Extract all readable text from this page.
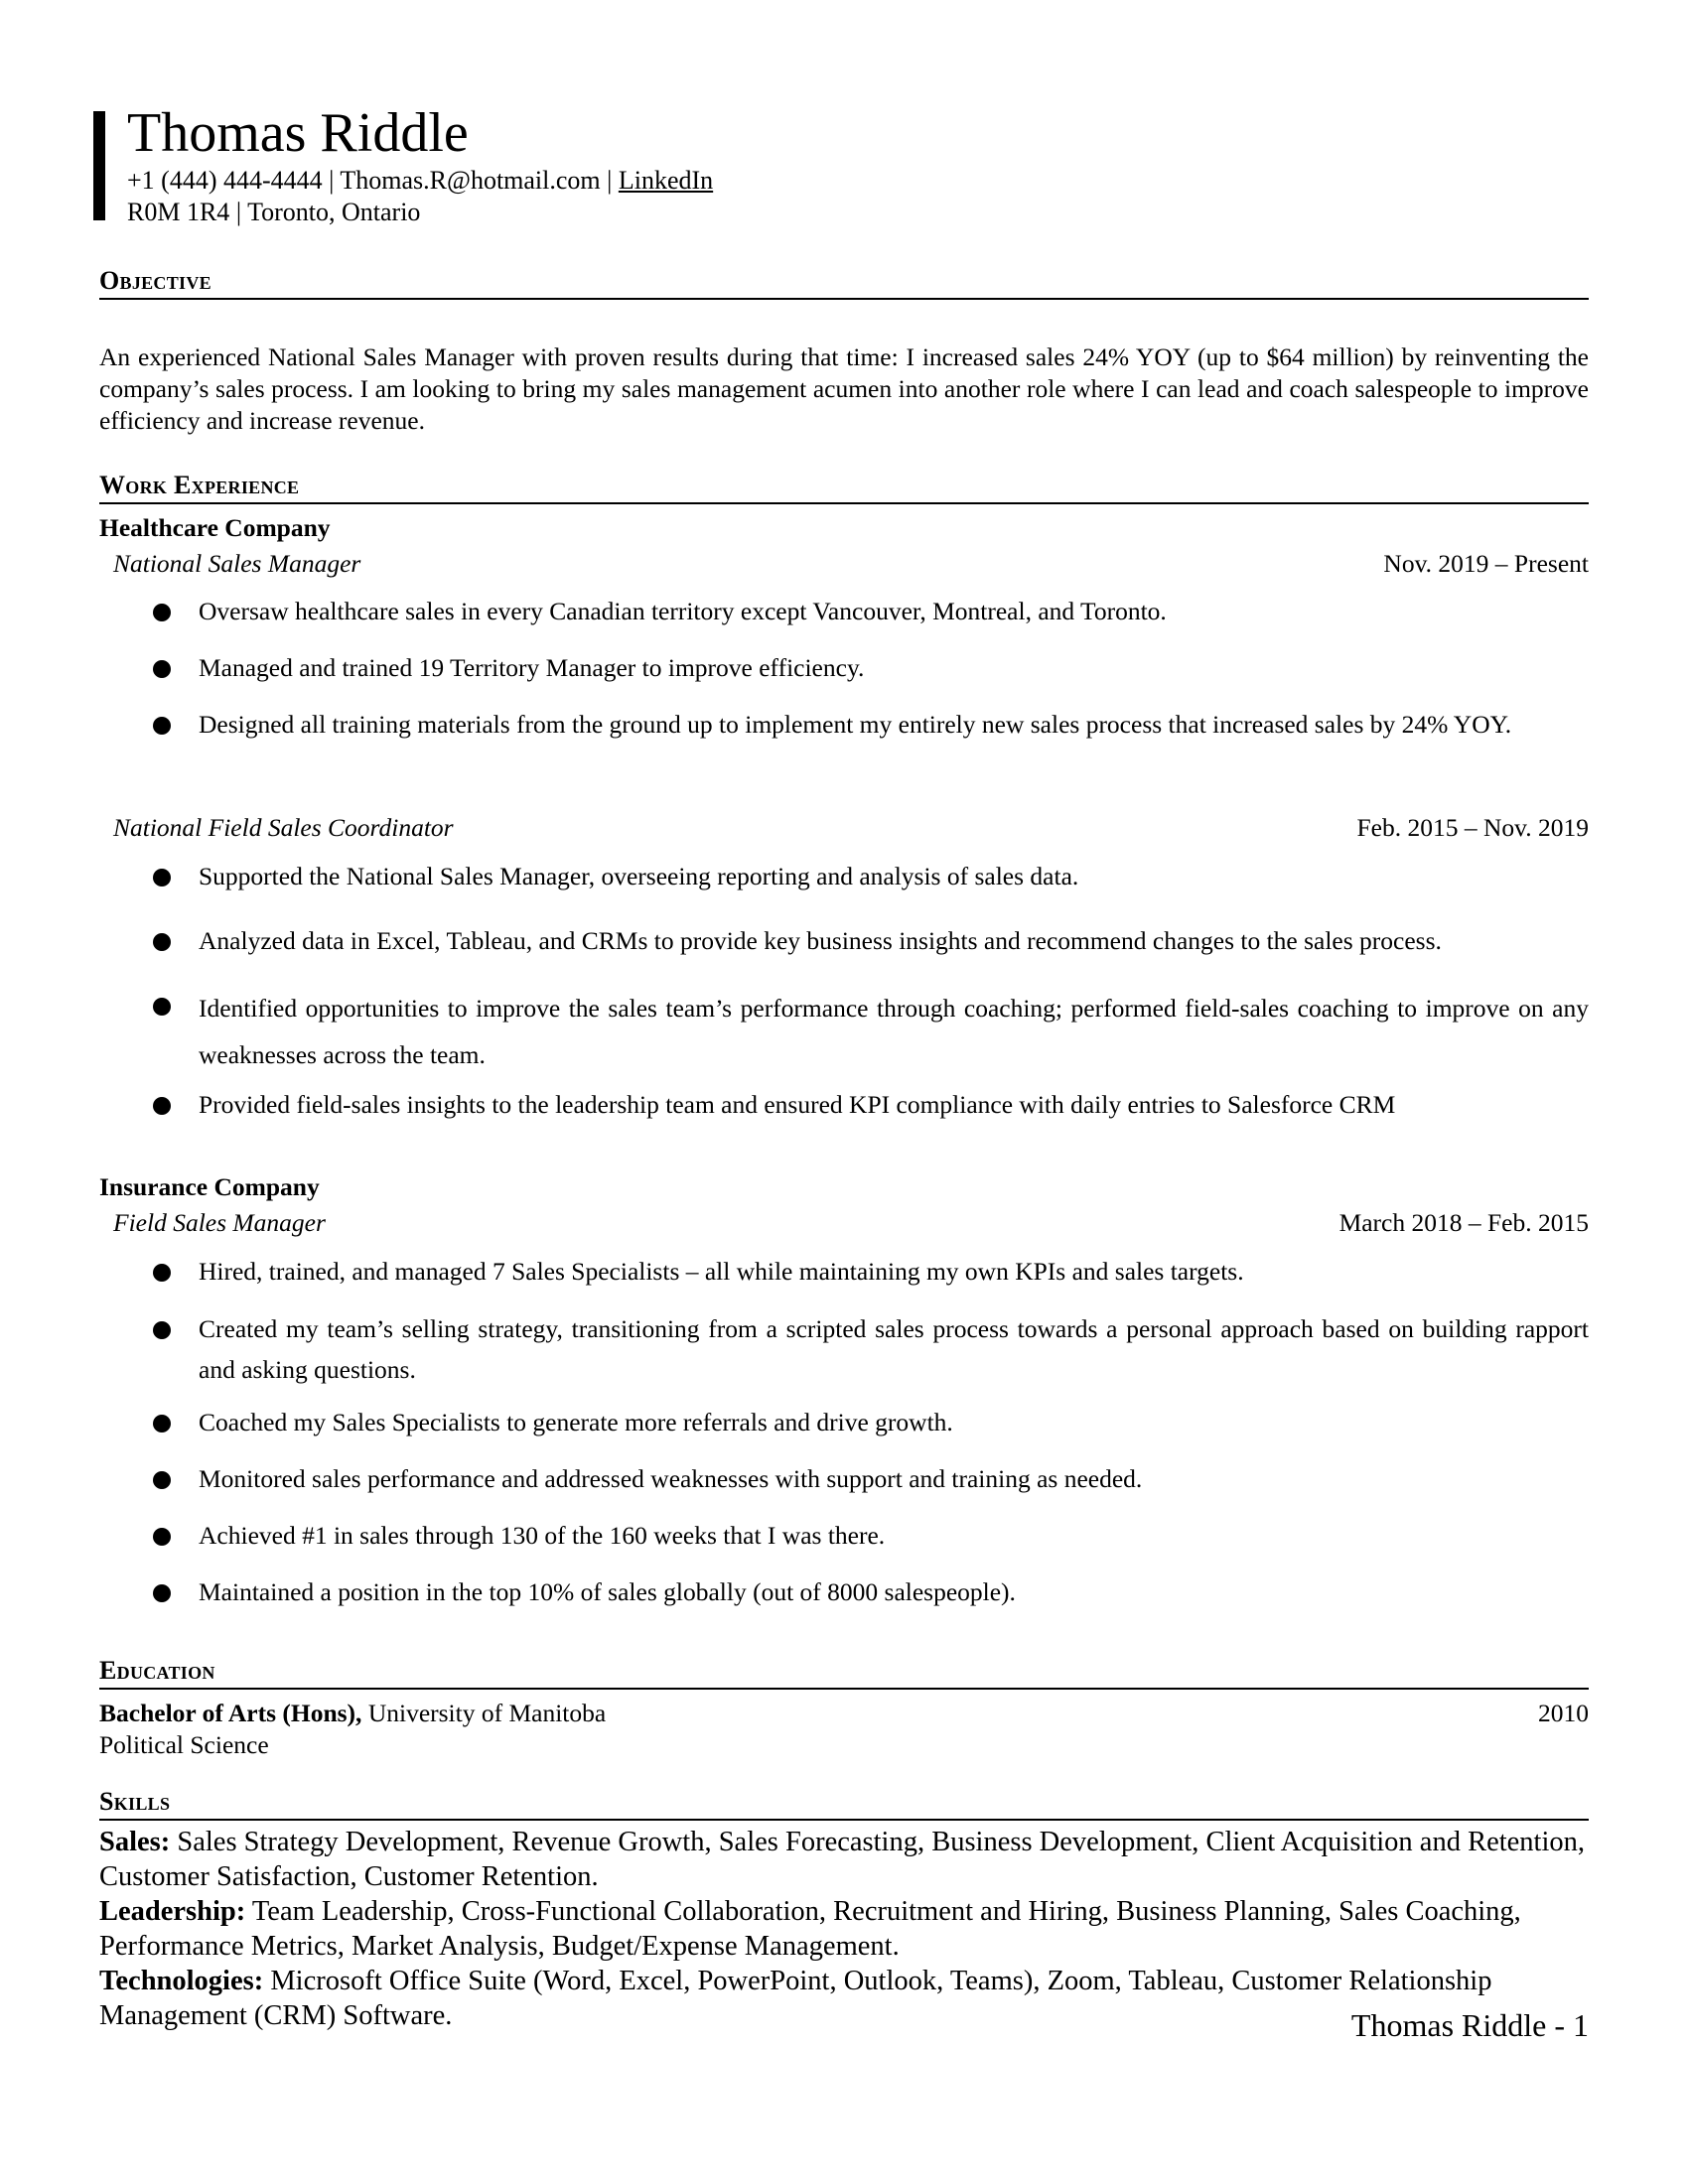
Thomas Riddle
+1 (444) 444-4444 | Thomas.R@hotmail.com | LinkedIn
R0M 1R4 | Toronto, Ontario
Objective
An experienced National Sales Manager with proven results during that time: I increased sales 24% YOY (up to $64 million) by reinventing the company’s sales process. I am looking to bring my sales management acumen into another role where I can lead and coach salespeople to improve efficiency and increase revenue.
Work Experience
Healthcare Company
National Sales Manager	Nov. 2019 – Present
Oversaw healthcare sales in every Canadian territory except Vancouver, Montreal, and Toronto.
Managed and trained 19 Territory Manager to improve efficiency.
Designed all training materials from the ground up to implement my entirely new sales process that increased sales by 24% YOY.
National Field Sales Coordinator	Feb. 2015 – Nov. 2019
Supported the National Sales Manager, overseeing reporting and analysis of sales data.
Analyzed data in Excel, Tableau, and CRMs to provide key business insights and recommend changes to the sales process.
Identified opportunities to improve the sales team’s performance through coaching; performed field-sales coaching to improve on any weaknesses across the team.
Provided field-sales insights to the leadership team and ensured KPI compliance with daily entries to Salesforce CRM
Insurance Company
Field Sales Manager	March 2018 – Feb. 2015
Hired, trained, and managed 7 Sales Specialists – all while maintaining my own KPIs and sales targets.
Created my team’s selling strategy, transitioning from a scripted sales process towards a personal approach based on building rapport and asking questions.
Coached my Sales Specialists to generate more referrals and drive growth.
Monitored sales performance and addressed weaknesses with support and training as needed.
Achieved #1 in sales through 130 of the 160 weeks that I was there.
Maintained a position in the top 10% of sales globally (out of 8000 salespeople).
Education
Bachelor of Arts (Hons), University of Manitoba	2010
Political Science
Skills

Sales: Sales Strategy Development, Revenue Growth, Sales Forecasting, Business Development, Client Acquisition and Retention, Customer Satisfaction, Customer Retention.

Leadership: Team Leadership, Cross-Functional Collaboration, Recruitment and Hiring, Business Planning, Sales Coaching, Performance Metrics, Market Analysis, Budget/Expense Management.

Technologies: Microsoft Office Suite (Word, Excel, PowerPoint, Outlook, Teams), Zoom, Tableau, Customer Relationship Management (CRM) Software.	Thomas Riddle - 1
